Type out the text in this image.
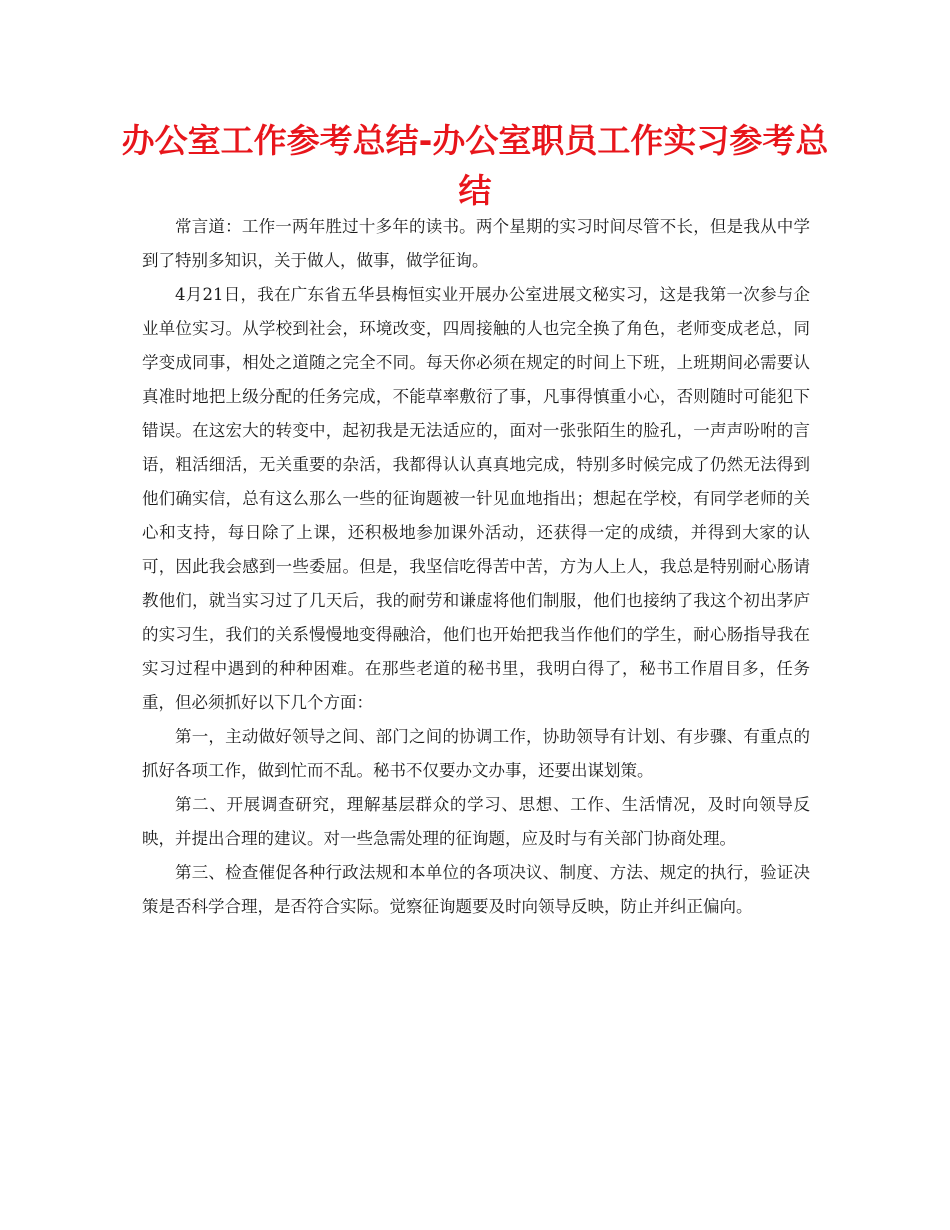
办公室工作参考总结-办公室职员工作实习参考总结

常言道：工作一两年胜过十多年的读书。两个星期的实习时间尽管不长，但是我从中学到了特别多知识，关于做人，做事，做学征询。

4月21日，我在广东省五华县梅恒实业开展办公室进展文秘实习，这是我第一次参与企业单位实习。从学校到社会，环境改变，四周接触的人也完全换了角色，老师变成老总，同学变成同事，相处之道随之完全不同。每天你必须在规定的时间上下班，上班期间必需要认真准时地把上级分配的任务完成，不能草率敷衍了事，凡事得慎重小心，否则随时可能犯下错误。在这宏大的转变中，起初我是无法适应的，面对一张张陌生的脸孔，一声声吩咐的言语，粗活细活，无关重要的杂活，我都得认认真真地完成，特别多时候完成了仍然无法得到他们确实信，总有这么那么一些的征询题被一针见血地指出；想起在学校，有同学老师的关心和支持，每日除了上课，还积极地参加课外活动，还获得一定的成绩，并得到大家的认可，因此我会感到一些委屈。但是，我坚信吃得苦中苦，方为人上人，我总是特别耐心肠请教他们，就当实习过了几天后，我的耐劳和谦虚将他们制服，他们也接纳了我这个初出茅庐的实习生，我们的关系慢慢地变得融洽，他们也开始把我当作他们的学生，耐心肠指导我在实习过程中遇到的种种困难。在那些老道的秘书里，我明白得了，秘书工作眉目多，任务重，但必须抓好以下几个方面：

第一，主动做好领导之间、部门之间的协调工作，协助领导有计划、有步骤、有重点的抓好各项工作，做到忙而不乱。秘书不仅要办文办事，还要出谋划策。

第二、开展调查研究，理解基层群众的学习、思想、工作、生活情况，及时向领导反映，并提出合理的建议。对一些急需处理的征询题，应及时与有关部门协商处理。

第三、检查催促各种行政法规和本单位的各项决议、制度、方法、规定的执行，验证决策是否科学合理，是否符合实际。觉察征询题要及时向领导反映，防止并纠正偏向。
